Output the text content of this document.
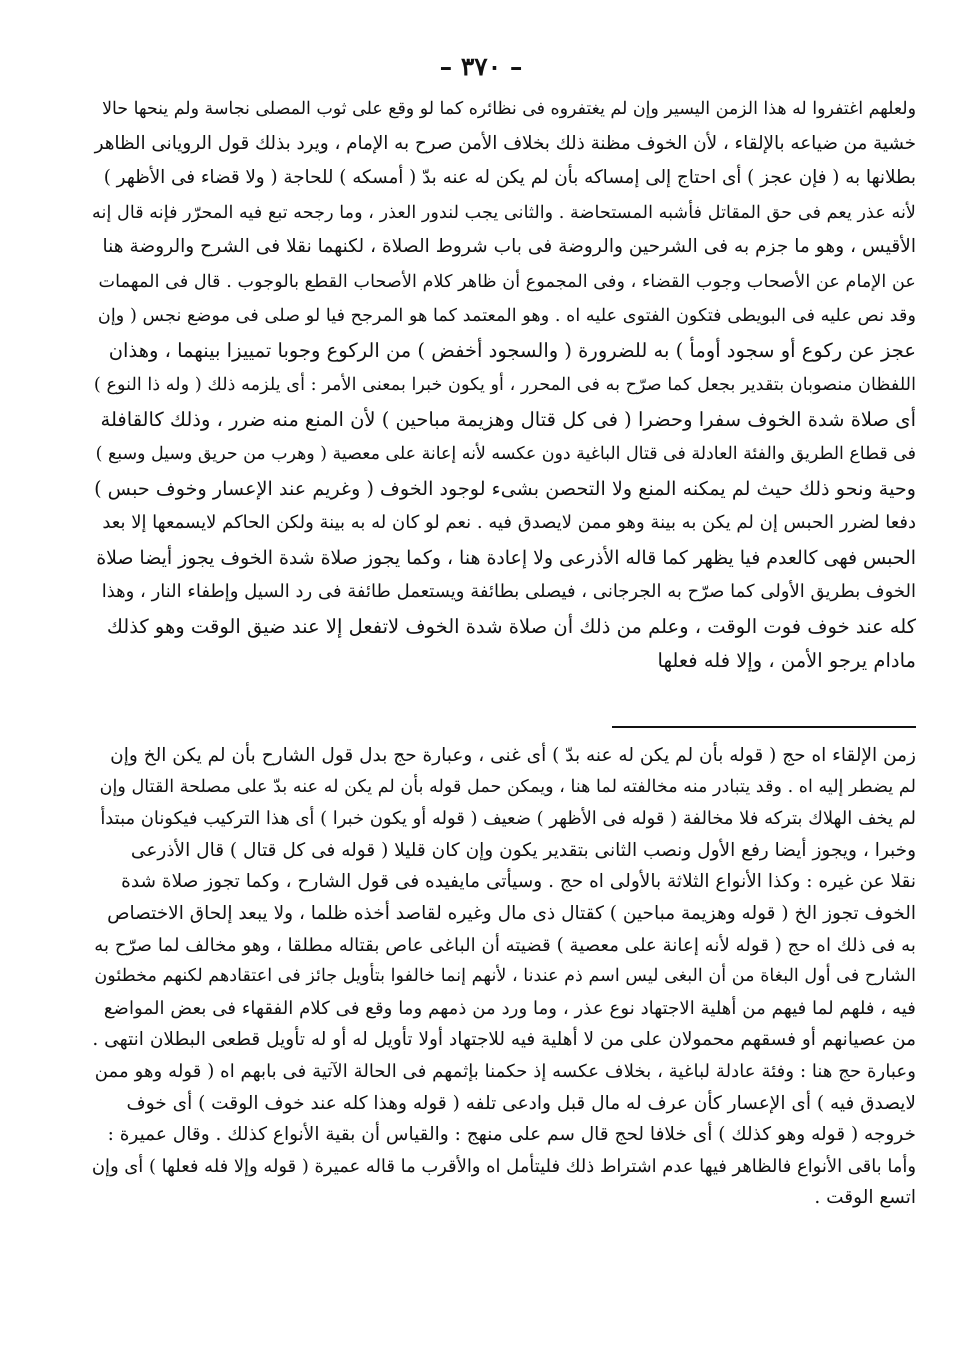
– ٣٧٠ –
ولعلهم اغتفروا له هذا الزمن اليسير وإن لم يغتفروه فى نظائره كما لو وقع على ثوب المصلى نجاسة ولم ينحها حالا
خشية من ضياعه بالإلقاء ، لأن الخوف مظنة ذلك بخلاف الأمن صرح به الإمام ، ويرد بذلك قول الرويانى الظاهر
بطلانها به ( فإن عجز ) أى احتاج إلى إمساكه بأن لم يكن له عنه بدّ ( أمسكه ) للحاجة ( ولا قضاء فى الأظهر )
لأنه عذر يعم فى حق المقاتل فأشبه المستحاضة . والثانى يجب لندور العذر ، وما رجحه تبع فيه المحرّر فإنه قال إنه
الأقيس ، وهو ما جزم به فى الشرحين والروضة فى باب شروط الصلاة ، لكنهما نقلا فى الشرح والروضة هنا
عن الإمام عن الأصحاب وجوب القضاء ، وفى المجموع أن ظاهر كلام الأصحاب القطع بالوجوب . قال فى المهمات
وقد نص عليه فى البويطى فتكون الفتوى عليه اه . وهو المعتمد كما هو المرجح فيا لو صلى فى موضع نجس ( وإن
عجز عن ركوع أو سجود أومأ ) به للضرورة ( والسجود أخفض ) من الركوع وجوبا تمييزا بينهما ، وهذان
اللفظان منصوبان بتقدير بجعل كما صرّح به فى المحرر ، أو يكون خبرا بمعنى الأمر : أى يلزمه ذلك ( وله ذا النوع )
أى صلاة شدة الخوف سفرا وحضرا ( فى كل قتال وهزيمة مباحين ) لأن المنع منه ضرر ، وذلك كالقافلة
فى قطاع الطريق والفئة العادلة فى قتال الباغية دون عكسه لأنه إعانة على معصية ( وهرب من حريق وسيل وسبع )
وحية ونحو ذلك حيث لم يمكنه المنع ولا التحصن بشىء لوجود الخوف ( وغريم عند الإعسار وخوف حبس )
دفعا لضرر الحبس إن لم يكن به بينة وهو ممن لايصدق فيه . نعم لو كان له به بينة ولكن الحاكم لايسمعها إلا بعد
الحبس فهى كالعدم فيا يظهر كما قاله الأذرعى ولا إعادة هنا ، وكما يجوز صلاة شدة الخوف يجوز أيضا صلاة
الخوف بطريق الأولى كما صرّح به الجرجانى ، فيصلى بطائفة ويستعمل طائفة فى رد السيل وإطفاء النار ، وهذا
كله عند خوف فوت الوقت ، وعلم من ذلك أن صلاة شدة الخوف لاتفعل إلا عند ضيق الوقت وهو كذلك
مادام يرجو الأمن ، وإلا فله فعلها
زمن الإلقاء اه حج ( قوله بأن لم يكن له عنه بدّ ) أى غنى ، وعبارة حج بدل قول الشارح بأن لم يكن الخ وإن
لم يضطر إليه اه . وقد يتبادر منه مخالفته لما هنا ، ويمكن حمل قوله بأن لم يكن له عنه بدّ على مصلحة القتال وإن
لم يخف الهلاك بتركه فلا مخالفة ( قوله فى الأظهر ) ضعيف ( قوله أو يكون خبرا ) أى هذا التركيب فيكونان مبتدأ
وخبرا ، ويجوز أيضا رفع الأول ونصب الثانى بتقدير يكون وإن كان قليلا ( قوله فى كل قتال ) قال الأذرعى
نقلا عن غيره : وكذا الأنواع الثلاثة بالأولى اه حج . وسيأتى مايفيده فى قول الشارح ، وكما تجوز صلاة شدة
الخوف تجوز الخ ( قوله وهزيمة مباحين ) كقتال ذى مال وغيره لقاصد أخذه ظلما ، ولا يبعد إلحاق الاختصاص
به فى ذلك اه حج ( قوله لأنه إعانة على معصية ) قضيته أن الباغى عاص بقتاله مطلقا ، وهو مخالف لما صرّح به
الشارح فى أول البغاة من أن البغى ليس اسم ذم عندنا ، لأنهم إنما خالفوا بتأويل جائز فى اعتقادهم لكنهم مخطئون
فيه ، فلهم لما فيهم من أهلية الاجتهاد نوع عذر ، وما ورد من ذمهم وما وقع فى كلام الفقهاء فى بعض المواضع
من عصيانهم أو فسقهم محمولان على من لا أهلية فيه للاجتهاد أولا تأويل له أو له تأويل قطعى البطلان انتهى .
وعبارة حج هنا : وفئة عادلة لباغية ، بخلاف عكسه إذ حكمنا بإثمهم فى الحالة الآتية فى بابهم اه ( قوله وهو ممن
لايصدق فيه ) أى الإعسار كأن عرف له مال قبل وادعى تلفه ( قوله وهذا كله عند خوف الوقت ) أى خوف
خروجه ( قوله وهو كذلك ) أى خلافا لحج قال سم على منهج : والقياس أن بقية الأنواع كذلك . وقال عميرة :
وأما باقى الأنواع فالظاهر فيها عدم اشتراط ذلك فليتأمل اه والأقرب ما قاله عميرة ( قوله وإلا فله فعلها ) أى وإن
اتسع الوقت .
